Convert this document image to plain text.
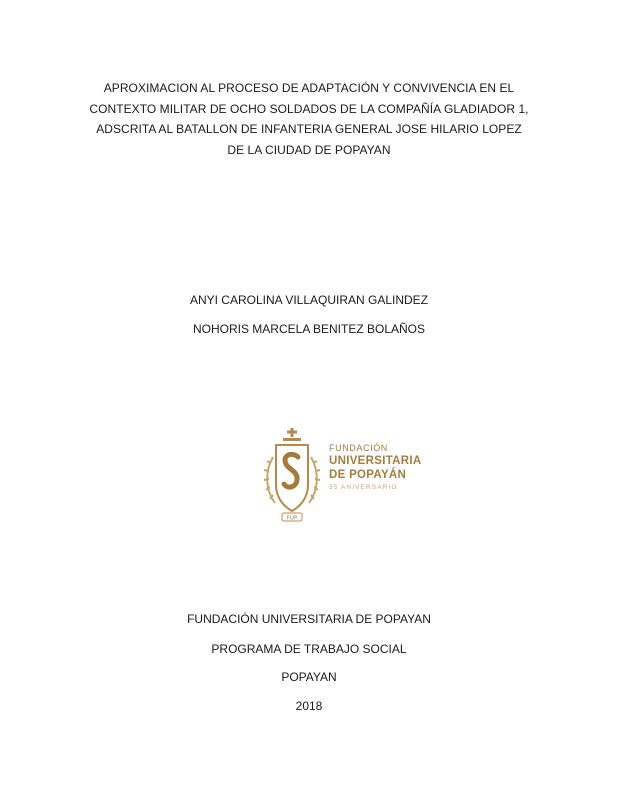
APROXIMACION AL PROCESO DE ADAPTACIÓN Y CONVIVENCIA EN EL
CONTEXTO MILITAR DE OCHO SOLDADOS DE LA COMPAÑÍA GLADIADOR 1,
ADSCRITA AL BATALLON DE INFANTERIA GENERAL JOSE HILARIO LOPEZ
DE LA CIUDAD DE POPAYAN
ANYI CAROLINA VILLAQUIRAN GALINDEZ
NOHORIS MARCELA BENITEZ BOLAÑOS
FUP
FUNDACIÓN
UNIVERSITARIA
DE POPAYÁN
35 ANIVERSARIO
FUNDACIÓN UNIVERSITARIA DE POPAYAN
PROGRAMA DE TRABAJO SOCIAL
POPAYAN
2018
